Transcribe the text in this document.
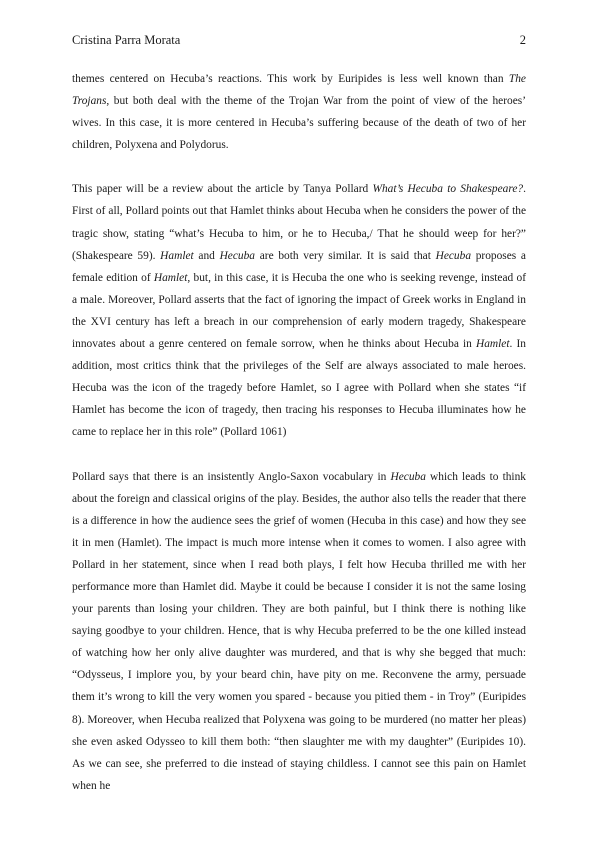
Cristina Parra Morata	2

themes centered on Hecuba’s reactions. This work by Euripides is less well known than The Trojans, but both deal with the theme of the Trojan War from the point of view of the heroes’ wives. In this case, it is more centered in Hecuba’s suffering because of the death of two of her children, Polyxena and Polydorus.

This paper will be a review about the article by Tanya Pollard What’s Hecuba to Shakespeare?. First of all, Pollard points out that Hamlet thinks about Hecuba when he considers the power of the tragic show, stating “what’s Hecuba to him, or he to Hecuba,/ That he should weep for her?” (Shakespeare 59). Hamlet and Hecuba are both very similar. It is said that Hecuba proposes a female edition of Hamlet, but, in this case, it is Hecuba the one who is seeking revenge, instead of a male. Moreover, Pollard asserts that the fact of ignoring the impact of Greek works in England in the XVI century has left a breach in our comprehension of early modern tragedy, Shakespeare innovates about a genre centered on female sorrow, when he thinks about Hecuba in Hamlet. In addition, most critics think that the privileges of the Self are always associated to male heroes. Hecuba was the icon of the tragedy before Hamlet, so I agree with Pollard when she states “if Hamlet has become the icon of tragedy, then tracing his responses to Hecuba illuminates how he came to replace her in this role” (Pollard 1061)

Pollard says that there is an insistently Anglo-Saxon vocabulary in Hecuba which leads to think about the foreign and classical origins of the play. Besides, the author also tells the reader that there is a difference in how the audience sees the grief of women (Hecuba in this case) and how they see it in men (Hamlet). The impact is much more intense when it comes to women. I also agree with Pollard in her statement, since when I read both plays, I felt how Hecuba thrilled me with her performance more than Hamlet did. Maybe it could be because I consider it is not the same losing your parents than losing your children. They are both painful, but I think there is nothing like saying goodbye to your children. Hence, that is why Hecuba preferred to be the one killed instead of watching how her only alive daughter was murdered, and that is why she begged that much: “Odysseus, I implore you, by your beard chin, have pity on me. Reconvene the army, persuade them it’s wrong to kill the very women you spared - because you pitied them - in Troy” (Euripides 8). Moreover, when Hecuba realized that Polyxena was going to be murdered (no matter her pleas) she even asked Odysseo to kill them both: “then slaughter me with my daughter” (Euripides 10). As we can see, she preferred to die instead of staying childless. I cannot see this pain on Hamlet when he
